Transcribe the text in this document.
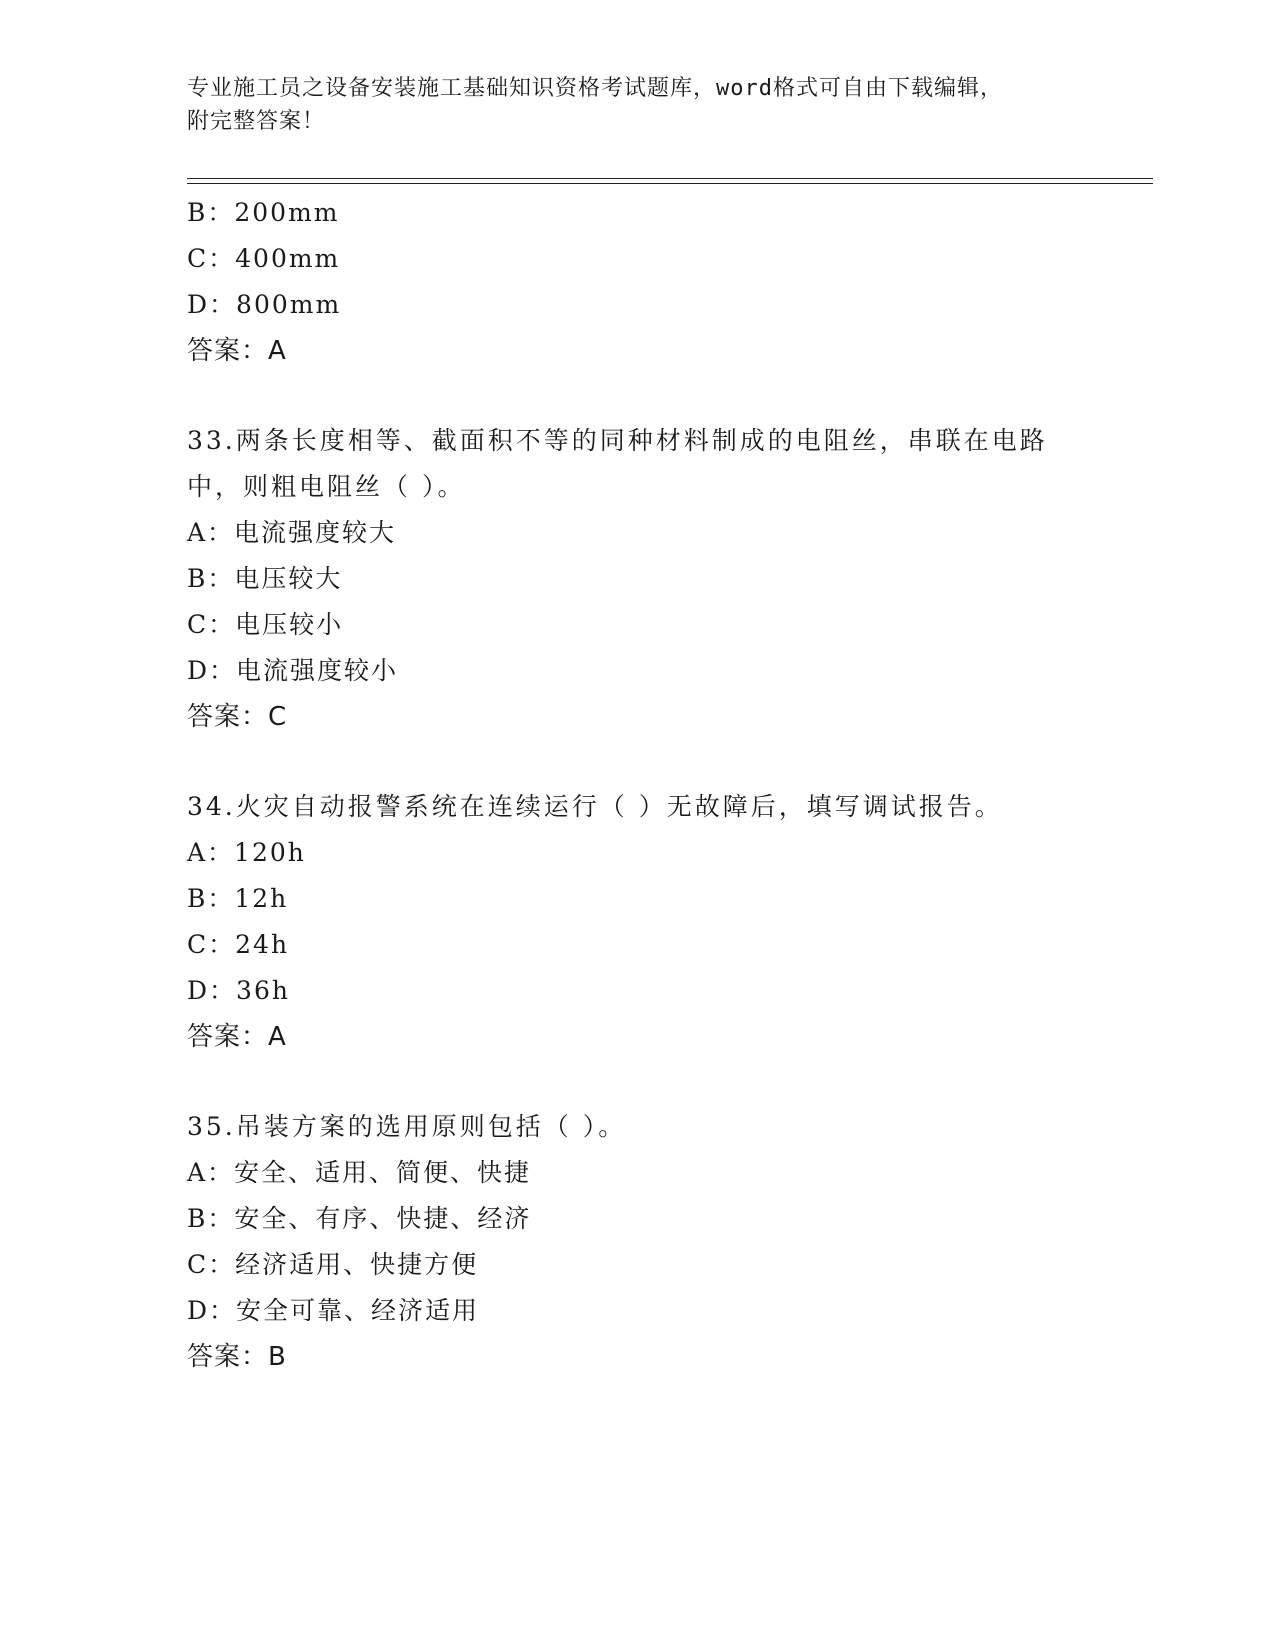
专业施工员之设备安装施工基础知识资格考试题库，word格式可自由下载编辑，
附完整答案！
B：200mm
C：400mm
D：800mm
答案：A
33.两条长度相等、截面积不等的同种材料制成的电阻丝，串联在电路
中，则粗电阻丝（ ）。
A：电流强度较大
B：电压较大
C：电压较小
D：电流强度较小
答案：C
34.火灾自动报警系统在连续运行（ ）无故障后，填写调试报告。
A：120h
B：12h
C：24h
D：36h
答案：A
35.吊装方案的选用原则包括（ ）。
A：安全、适用、简便、快捷
B：安全、有序、快捷、经济
C：经济适用、快捷方便
D：安全可靠、经济适用
答案：B
